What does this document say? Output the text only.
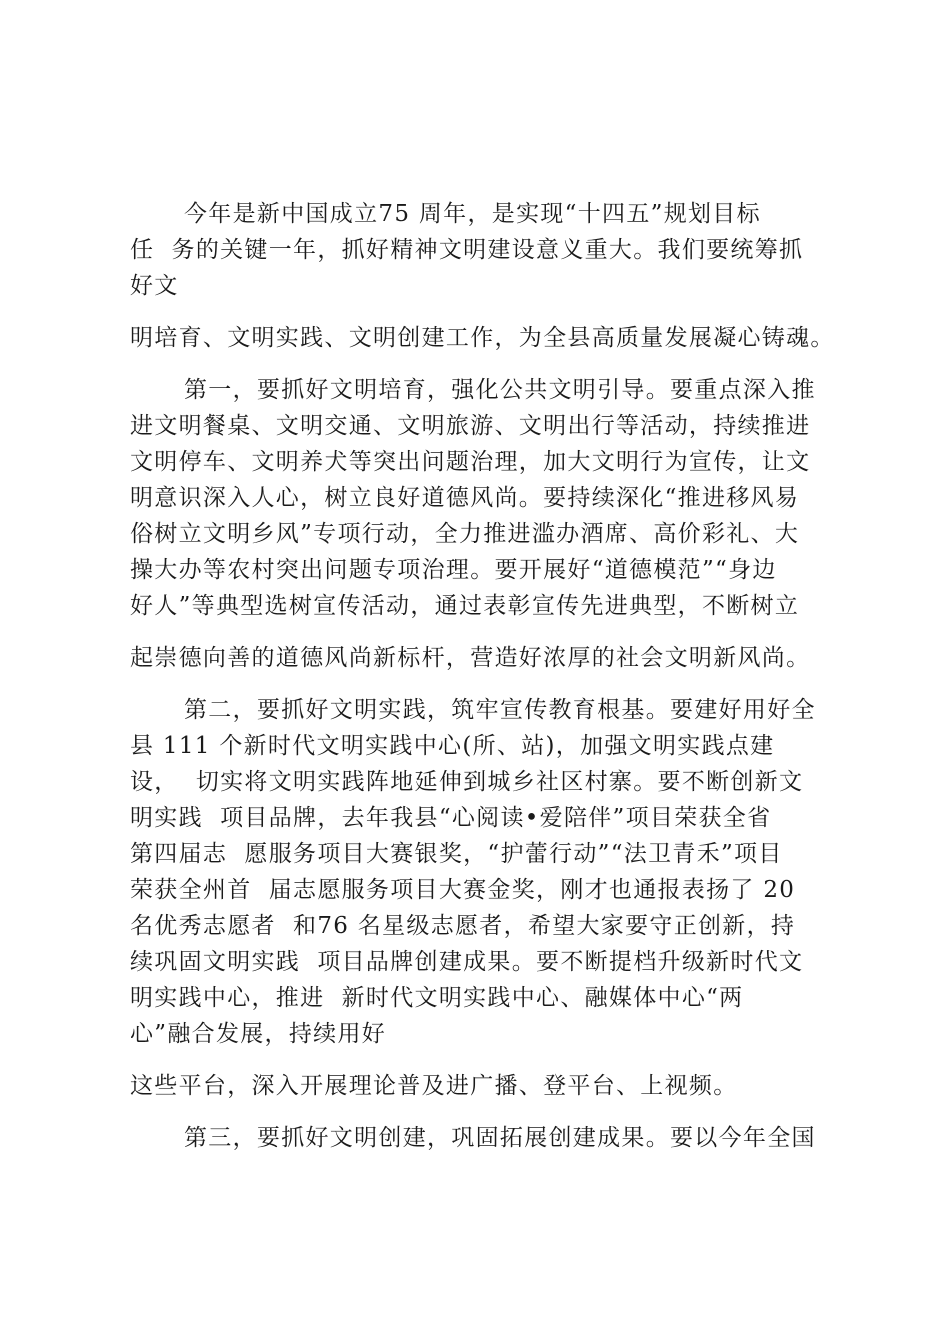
今年是新中国成立75 周年，是实现“十四五”规划目标

任  务的关键一年，抓好精神文明建设意义重大。我们要统筹抓

好文

明培育、文明实践、文明创建工作，为全县高质量发展凝心铸魂。

第一，要抓好文明培育，强化公共文明引导。要重点深入推

进文明餐桌、文明交通、文明旅游、文明出行等活动，持续推进

文明停车、文明养犬等突出问题治理，加大文明行为宣传，让文

明意识深入人心，树立良好道德风尚。要持续深化“推进移风易

俗树立文明乡风”专项行动，全力推进滥办酒席、高价彩礼、大

操大办等农村突出问题专项治理。要开展好“道德模范”“身边

好人”等典型选树宣传活动，通过表彰宣传先进典型，不断树立

起崇德向善的道德风尚新标杆，营造好浓厚的社会文明新风尚。

第二，要抓好文明实践，筑牢宣传教育根基。要建好用好全

县 111 个新时代文明实践中心(所、站)，加强文明实践点建

设，  切实将文明实践阵地延伸到城乡社区村寨。要不断创新文

明实践  项目品牌，去年我县“心阅读•爱陪伴”项目荣获全省

第四届志  愿服务项目大赛银奖，“护蕾行动”“法卫青禾”项目

荣获全州首  届志愿服务项目大赛金奖，刚才也通报表扬了 20

名优秀志愿者  和76 名星级志愿者，希望大家要守正创新，持

续巩固文明实践  项目品牌创建成果。要不断提档升级新时代文

明实践中心，推进  新时代文明实践中心、融媒体中心“两

心”融合发展，持续用好

这些平台，深入开展理论普及进广播、登平台、上视频。

第三，要抓好文明创建，巩固拓展创建成果。要以今年全国
